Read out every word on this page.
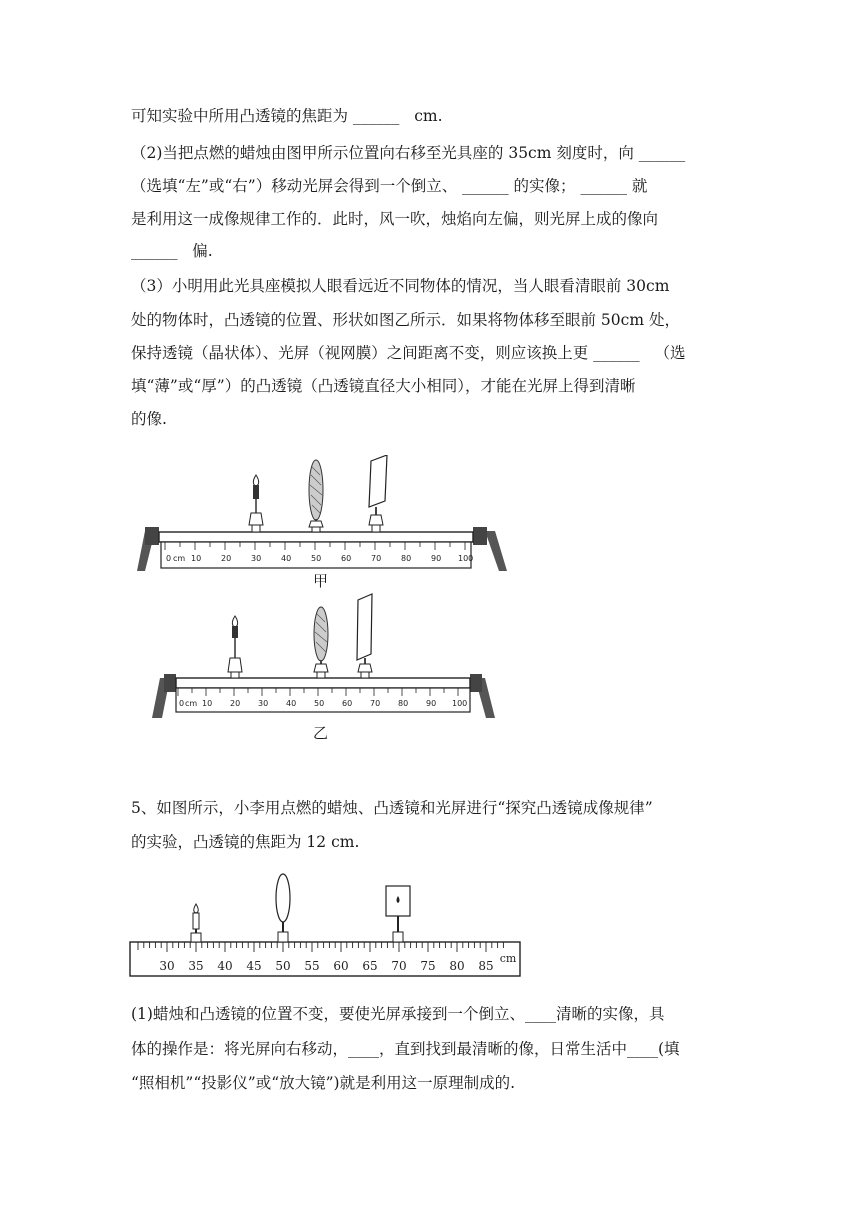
可知实验中所用凸透镜的焦距为 ______   cm.
（2)当把点燃的蜡烛由图甲所示位置向右移至光具座的 35cm 刻度时，向 ______
（选填“左”或“右”）移动光屏会得到一个倒立、 ______ 的实像； ______ 就
是利用这一成像规律工作的．此时，风一吹，烛焰向左偏，则光屏上成的像向
______   偏.
（3）小明用此光具座模拟人眼看远近不同物体的情况，当人眼看清眼前 30cm
处的物体时，凸透镜的位置、形状如图乙所示．如果将物体移至眼前 50cm 处，
保持透镜（晶状体）、光屏（视网膜）之间距离不变，则应该换上更 ______   （选
填“薄”或“厚”）的凸透镜（凸透镜直径大小相同），才能在光屏上得到清晰
的像.
0 cm 10 20 30 40 50 60 70 80 90 100
甲
0 cm 10 20 30 40 50 60 70 80 90 100
乙
5、如图所示，小李用点燃的蜡烛、凸透镜和光屏进行“探究凸透镜成像规律”
的实验，凸透镜的焦距为 12 cm.
30 35 40 45 50 55 60 65 70 75 80 85
cm
(1)蜡烛和凸透镜的位置不变，要使光屏承接到一个倒立、____清晰的实像，具
体的操作是：将光屏向右移动，____，直到找到最清晰的像，日常生活中____(填
“照相机”“投影仪”或“放大镜”)就是利用这一原理制成的.
